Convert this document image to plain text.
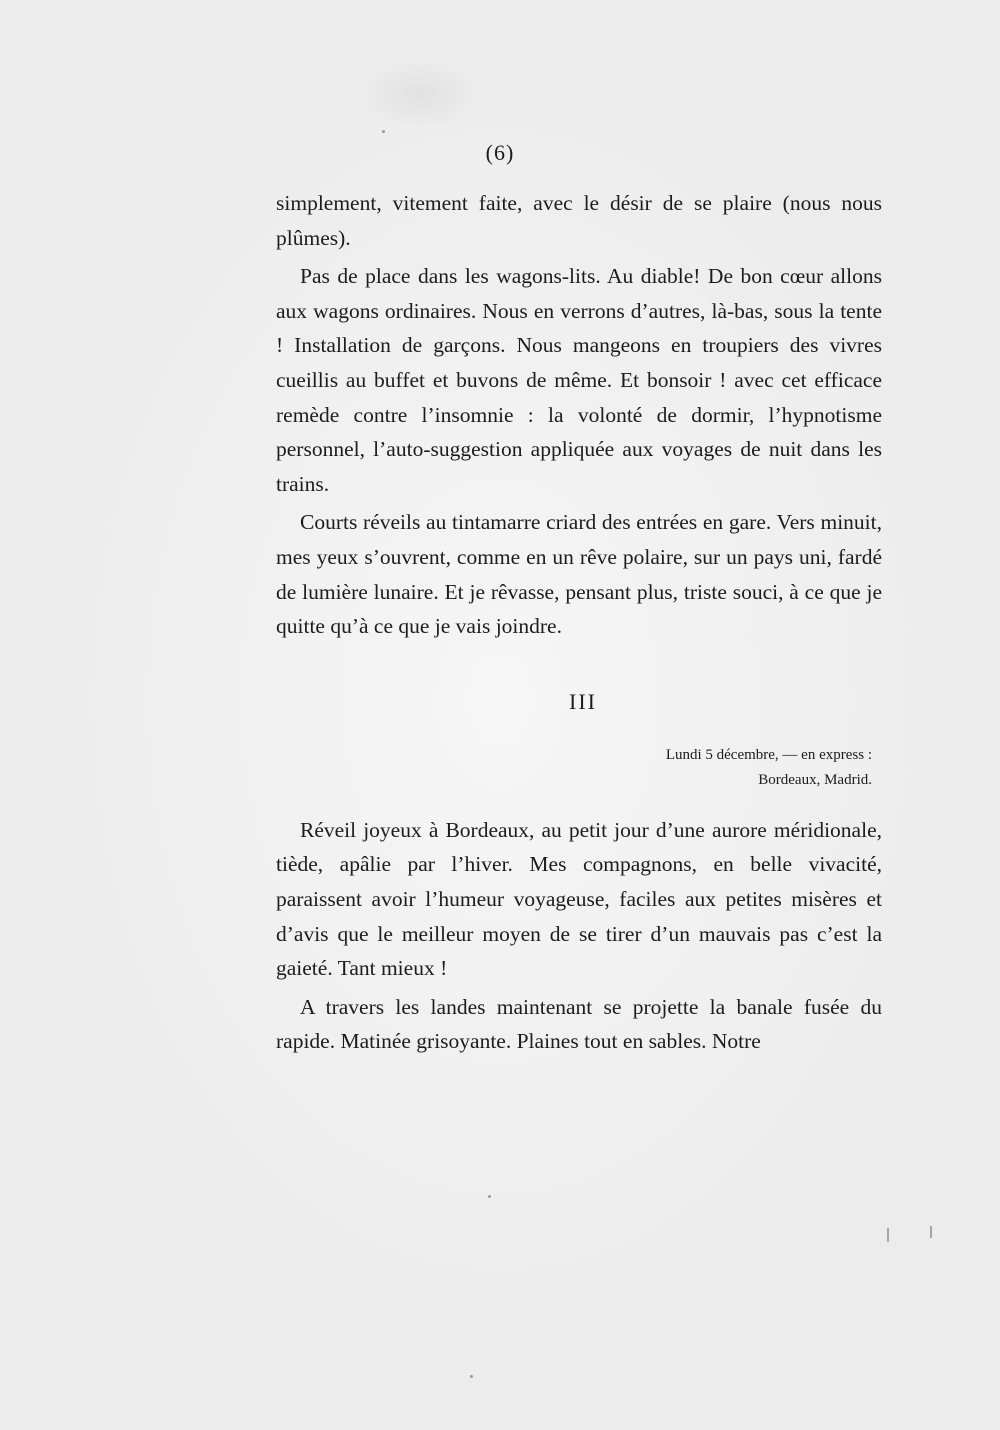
(6)

simplement, vitement faite, avec le désir de se plaire (nous nous plûmes).

Pas de place dans les wagons-lits. Au diable! De bon cœur allons aux wagons ordinaires. Nous en verrons d’autres, là-bas, sous la tente ! Installation de garçons. Nous mangeons en troupiers des vivres cueillis au buffet et buvons de même. Et bonsoir ! avec cet efficace remède contre l’insomnie : la volonté de dormir, l’hypnotisme personnel, l’auto-suggestion appliquée aux voyages de nuit dans les trains.

Courts réveils au tintamarre criard des entrées en gare. Vers minuit, mes yeux s’ouvrent, comme en un rêve polaire, sur un pays uni, fardé de lumière lunaire. Et je rêvasse, pensant plus, triste souci, à ce que je quitte qu’à ce que je vais joindre.

III

Lundi 5 décembre, — en express :
Bordeaux, Madrid.

Réveil joyeux à Bordeaux, au petit jour d’une aurore méridionale, tiède, apâlie par l’hiver. Mes compagnons, en belle vivacité, paraissent avoir l’humeur voyageuse, faciles aux petites misères et d’avis que le meilleur moyen de se tirer d’un mauvais pas c’est la gaieté. Tant mieux !

A travers les landes maintenant se projette la banale fusée du rapide. Matinée grisoyante. Plaines tout en sables. Notre
